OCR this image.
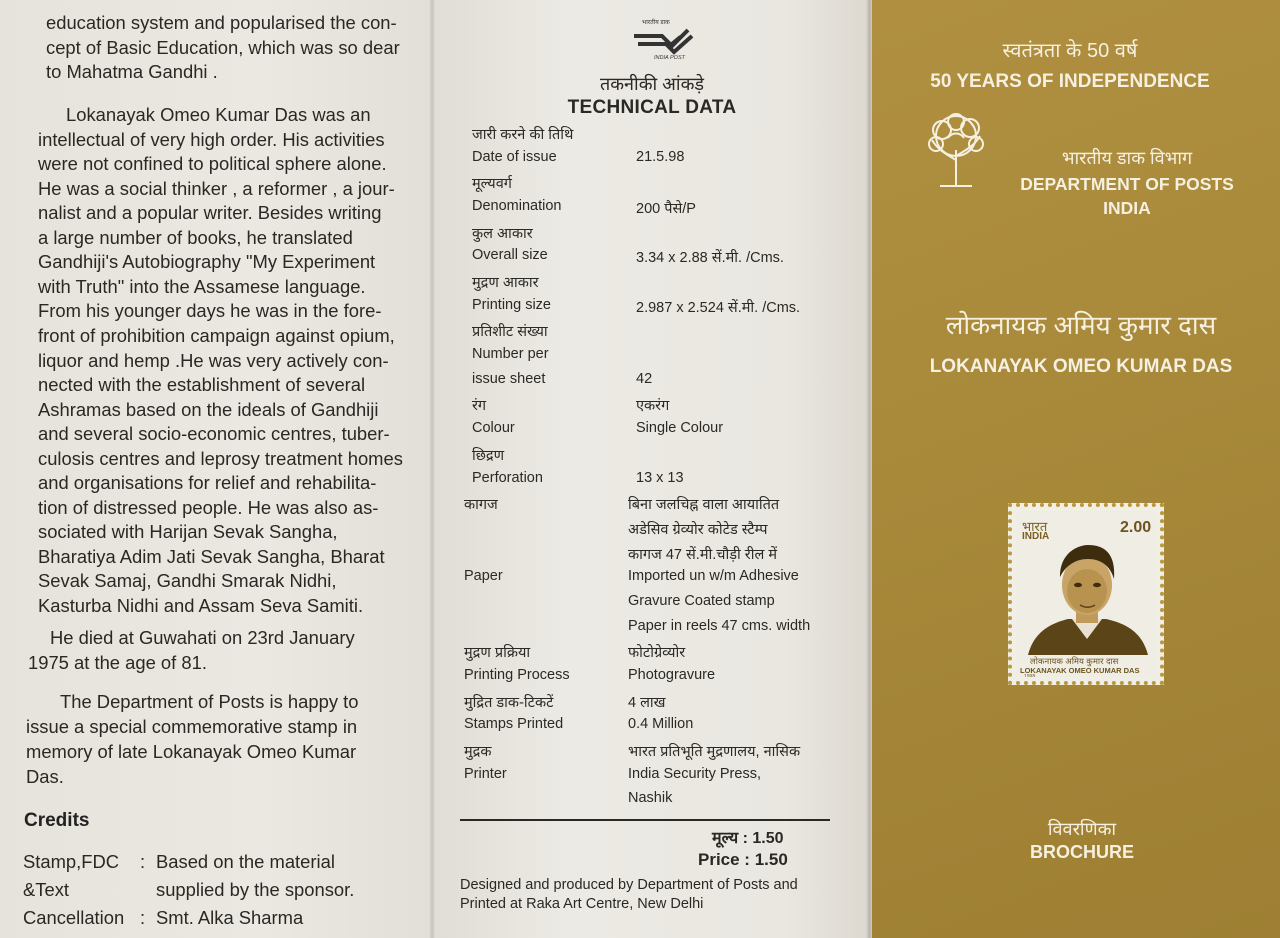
education system and popularised the con-
cept of Basic Education, which was so dear
to Mahatma Gandhi .
Lokanayak Omeo Kumar Das was an
intellectual of very high order. His activities
were not confined to political sphere alone.
He was a social thinker , a reformer , a jour-
nalist and a popular writer. Besides writing
a large number of books, he translated
Gandhiji's Autobiography "My Experiment
with Truth" into the Assamese language.
From his younger days he was in the fore-
front of prohibition campaign against opium,
liquor and hemp .He was very actively con-
nected with the establishment of several
Ashramas based on the ideals of Gandhiji
and several socio-economic centres, tuber-
culosis centres and leprosy treatment homes
and organisations for relief and rehabilita-
tion of distressed people. He was also as-
sociated with Harijan Sevak Sangha,
Bharatiya Adim Jati Sevak Sangha, Bharat
Sevak Samaj, Gandhi Smarak Nidhi,
Kasturba Nidhi and Assam Seva Samiti.
He died at Guwahati on 23rd January
1975 at the age of 81.
The Department of Posts is happy to
issue a special commemorative stamp in
memory of late Lokanayak Omeo Kumar
Das.
Credits
Stamp,FDC : Based on the material
&Text	supplied by the sponsor.
Cancellation : Smt. Alka Sharma
भारतीय डाक
INDIA POST
तकनीकी आंकड़े
TECHNICAL DATA
जारी करने की तिथि
Date of issue	21.5.98
मूल्यवर्ग
Denomination	200 पैसे/P
कुल आकार
Overall size	3.34 x 2.88 सें.मी. /Cms.
मुद्रण आकार
Printing size	2.987 x 2.524 सें.मी. /Cms.
प्रतिशीट संख्या
Number per
issue sheet	42
रंग	एकरंग
Colour	Single Colour
छिद्रण
Perforation	13 x 13
कागज	बिना जलचिह्न वाला आयातित
अडेसिव ग्रेव्योर कोटेड स्टैम्प
कागज 47 सें.मी.चौड़ी रील में
Paper	Imported un w/m Adhesive
Gravure Coated stamp
Paper in reels 47 cms. width
मुद्रण प्रक्रिया	फोटोग्रेव्योर
Printing Process	Photogravure
मुद्रित डाक-टिकटें	4 लाख
Stamps Printed	0.4 Million
मुद्रक	भारत प्रतिभूति मुद्रणालय, नासिक
Printer	India Security Press,
Nashik
मूल्य : 1.50
Price : 1.50
Designed and produced by Department of Posts and
Printed at Raka Art Centre, New Delhi
स्वतंत्रता के 50 वर्ष
50 YEARS OF INDEPENDENCE
भारतीय डाक विभाग
DEPARTMENT OF POSTS
INDIA
लोकनायक अमिय कुमार दास
LOKANAYAK OMEO KUMAR DAS
भारत
INDIA
2.00
लोकनायक अमिय कुमार दास
LOKANAYAK OMEO KUMAR DAS
1998
विवरणिका
BROCHURE
